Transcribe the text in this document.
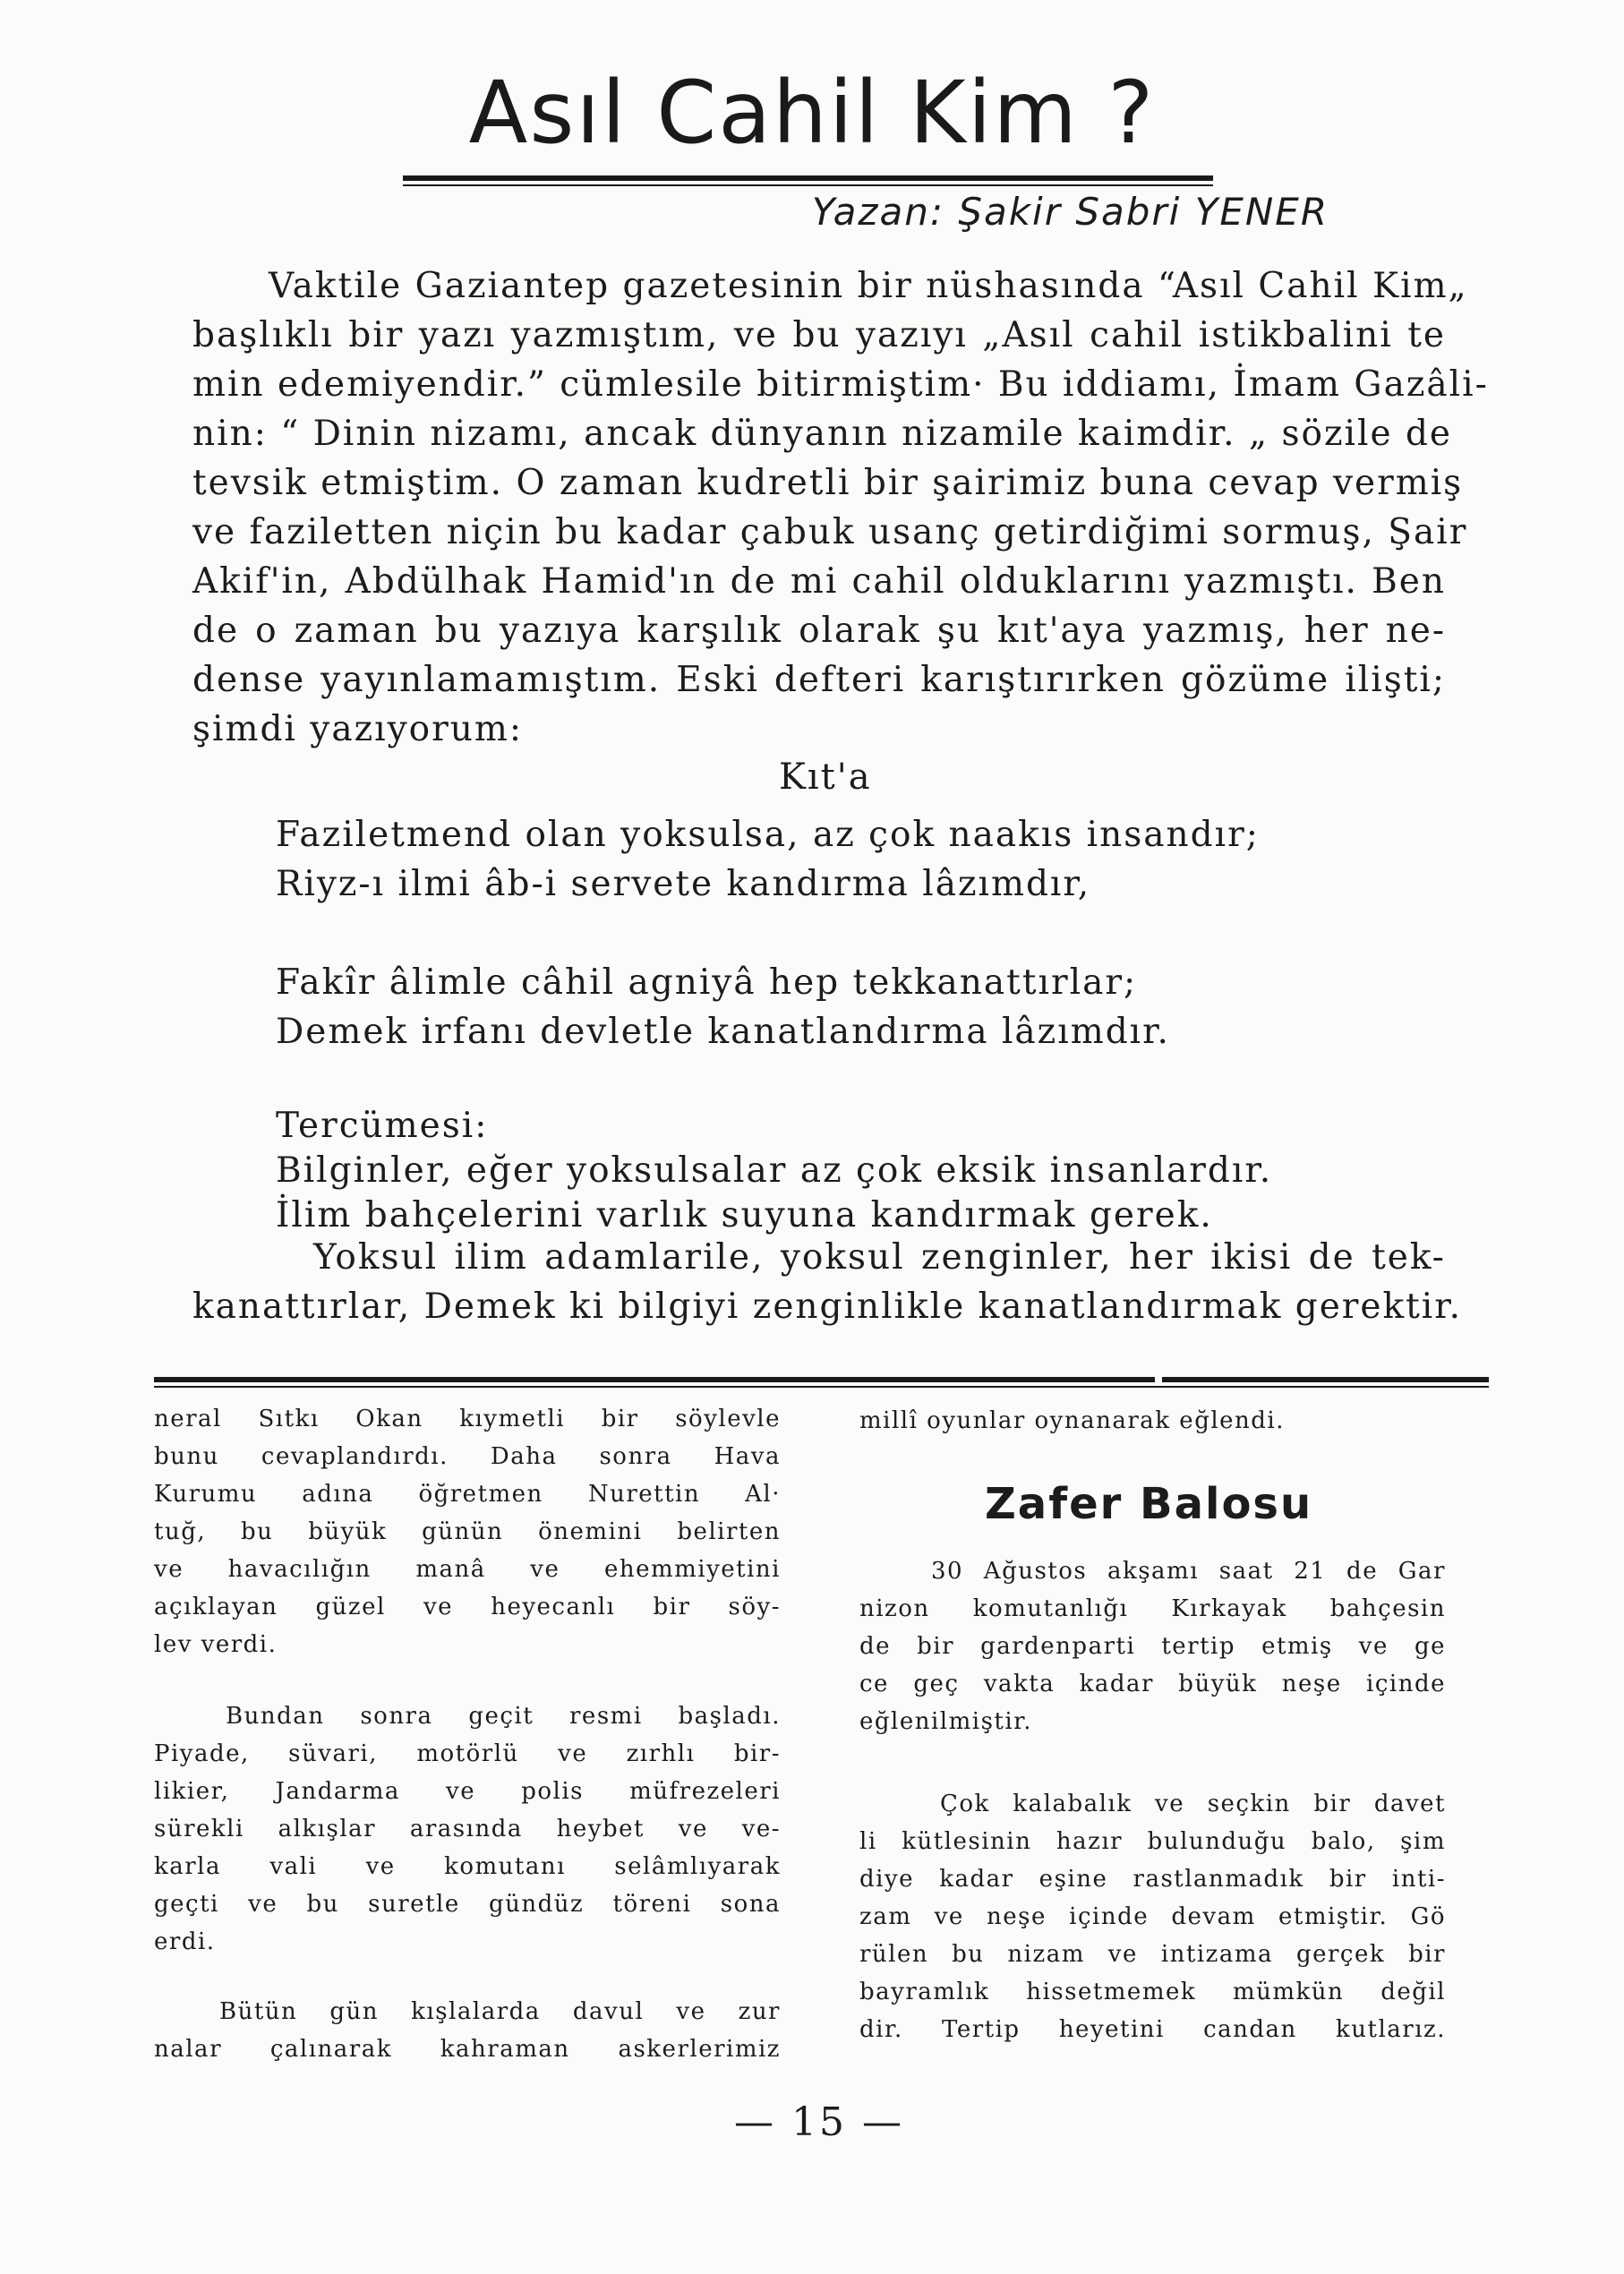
Asıl Cahil Kim ?
Yazan: Şakir Sabri YENER
Vaktile Gaziantep gazetesinin bir nüshasında “Asıl Cahil Kim„
başlıklı bir yazı yazmıştım, ve bu yazıyı „Asıl cahil istikbalini te
min edemiyendir.” cümlesile bitirmiştim· Bu iddiamı, İmam Gazâli-
nin: “ Dinin nizamı, ancak dünyanın nizamile kaimdir. „ sözile de
tevsik etmiştim. O zaman kudretli bir şairimiz buna cevap vermiş
ve faziletten niçin bu kadar çabuk usanç getirdiğimi sormuş, Şair
Akif'in, Abdülhak Hamid'ın de mi cahil olduklarını yazmıştı. Ben
de o zaman bu yazıya karşılık olarak şu kıt'aya yazmış, her ne-
dense yayınlamamıştım. Eski defteri karıştırırken gözüme ilişti;
şimdi yazıyorum:
Kıt'a
Faziletmend olan yoksulsa, az çok naakıs insandır;
Riyz-ı ilmi âb-i servete kandırma lâzımdır,
Fakîr âlimle câhil agniyâ hep tekkanattırlar;
Demek irfanı devletle kanatlandırma lâzımdır.
Tercümesi:
Bilginler, eğer yoksulsalar az çok eksik insanlardır.
İlim bahçelerini varlık suyuna kandırmak gerek.
Yoksul ilim adamlarile, yoksul zenginler, her ikisi de tek-
kanattırlar, Demek ki bilgiyi zenginlikle kanatlandırmak gerektir.
neral Sıtkı Okan kıymetli bir söylevle
bunu cevaplandırdı. Daha sonra Hava
Kurumu adına öğretmen Nurettin Al·
tuğ, bu büyük günün önemini belirten
ve havacılığın manâ ve ehemmiyetini
açıklayan güzel ve heyecanlı bir söy-
lev verdi.
Bundan sonra geçit resmi başladı.
Piyade, süvari, motörlü ve zırhlı bir-
likier, Jandarma ve polis müfrezeleri
sürekli alkışlar arasında heybet ve ve-
karla vali ve komutanı selâmlıyarak
geçti ve bu suretle gündüz töreni sona
erdi.
Bütün gün kışlalarda davul ve zur
nalar çalınarak kahraman askerlerimiz
millî oyunlar oynanarak eğlendi.
Zafer Balosu
30 Ağustos akşamı saat 21 de Gar
nizon komutanlığı Kırkayak bahçesin
de bir gardenparti tertip etmiş ve ge
ce geç vakta kadar büyük neşe içinde
eğlenilmiştir.
Çok kalabalık ve seçkin bir davet
li kütlesinin hazır bulunduğu balo, şim
diye kadar eşine rastlanmadık bir inti-
zam ve neşe içinde devam etmiştir. Gö
rülen bu nizam ve intizama gerçek bir
bayramlık hissetmemek mümkün değil
dir. Tertip heyetini candan kutlarız.
— 15 —
